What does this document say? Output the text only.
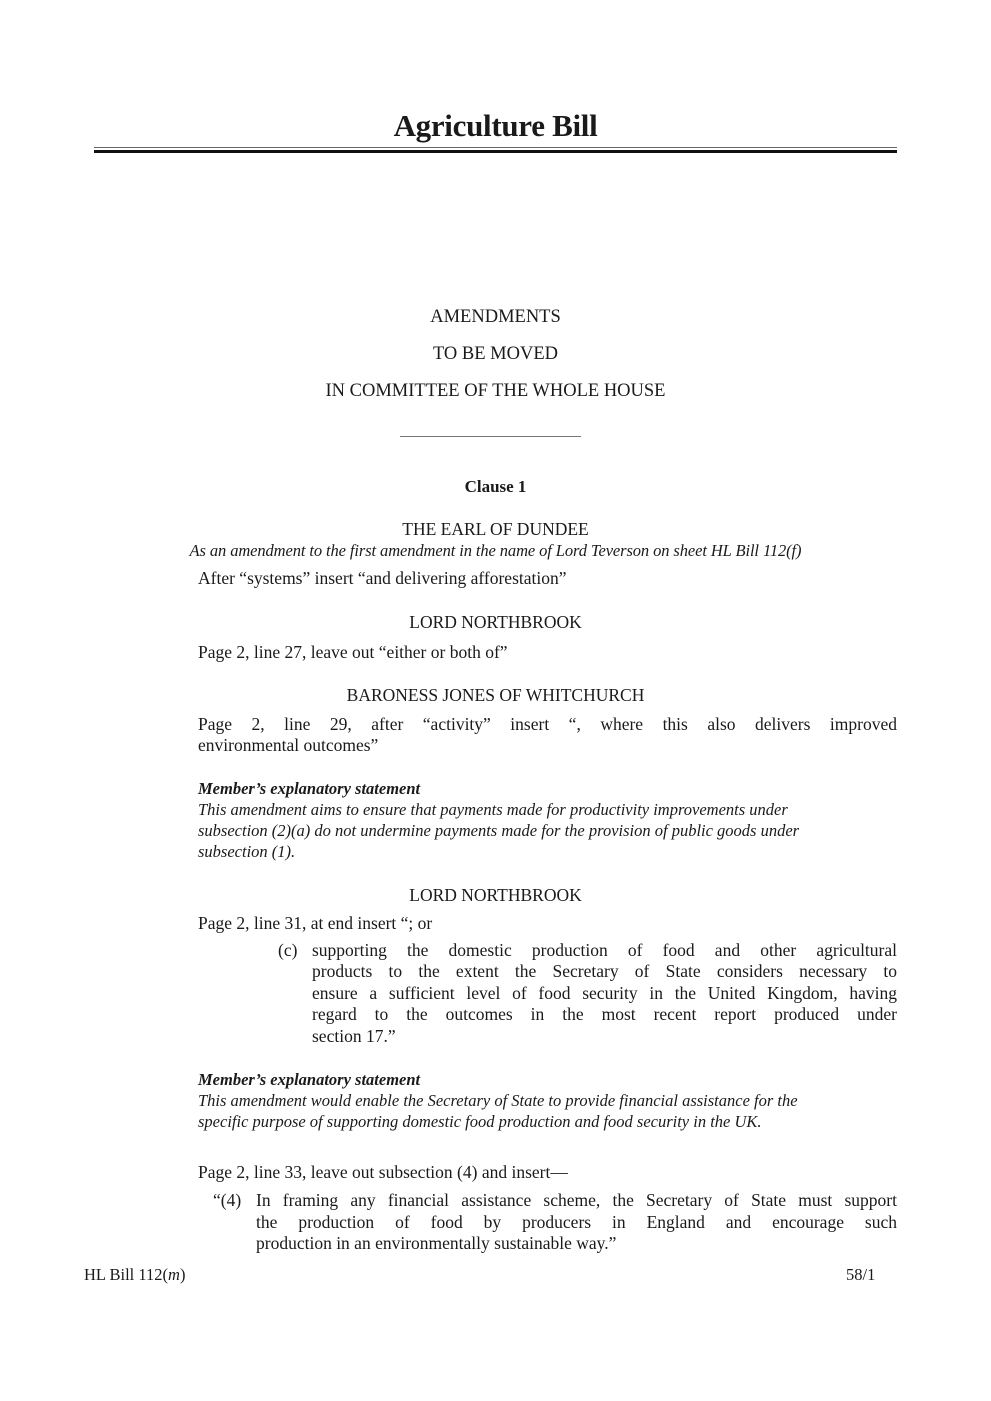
Agriculture Bill
AMENDMENTS
TO BE MOVED
IN COMMITTEE OF THE WHOLE HOUSE
Clause 1
THE EARL OF DUNDEE
As an amendment to the first amendment in the name of Lord Teverson on sheet HL Bill 112(f)
After “systems” insert “and delivering afforestation”
LORD NORTHBROOK
Page 2, line 27, leave out “either or both of”
BARONESS JONES OF WHITCHURCH
Page 2, line 29, after “activity” insert “, where this also delivers improved
environmental outcomes”
Member’s explanatory statement
This amendment aims to ensure that payments made for productivity improvements under
subsection (2)(a) do not undermine payments made for the provision of public goods under
subsection (1).
LORD NORTHBROOK
Page 2, line 31, at end insert “; or
(c) supporting the domestic production of food and other agricultural
products to the extent the Secretary of State considers necessary to
ensure a sufficient level of food security in the United Kingdom, having
regard to the outcomes in the most recent report produced under
section 17.”
Member’s explanatory statement
This amendment would enable the Secretary of State to provide financial assistance for the
specific purpose of supporting domestic food production and food security in the UK.
Page 2, line 33, leave out subsection (4) and insert—
“(4) In framing any financial assistance scheme, the Secretary of State must support
the production of food by producers in England and encourage such
production in an environmentally sustainable way.”
HL Bill 112(m)	58/1
